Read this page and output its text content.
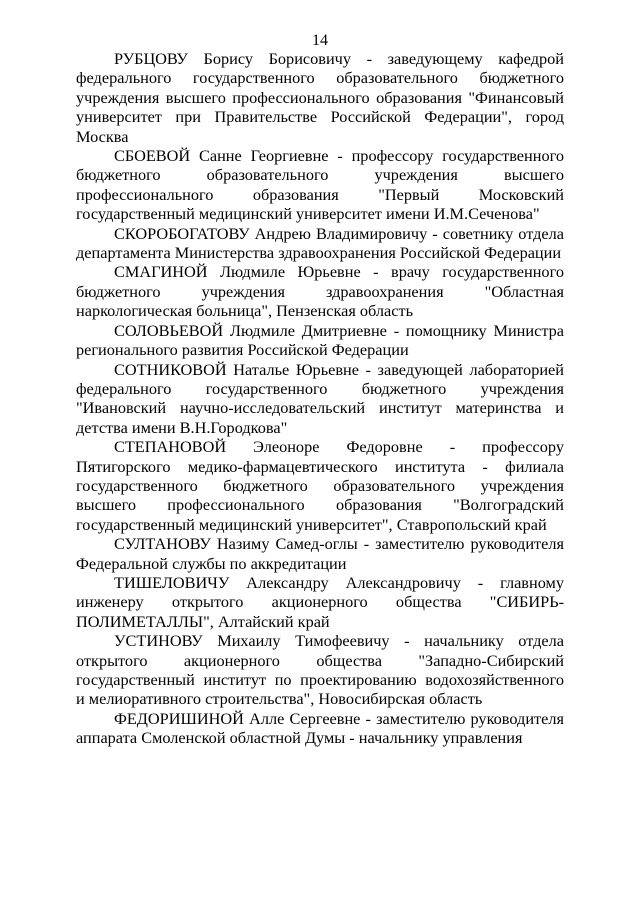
14

РУБЦОВУ Борису Борисовичу - заведующему кафедрой
федерального государственного образовательного бюджетного
учреждения высшего профессионального образования "Финансовый
университет при Правительстве Российской Федерации", город
Москва

СБОЕВОЙ Санне Георгиевне - профессору государственного
бюджетного образовательного учреждения высшего
профессионального образования "Первый Московский
государственный медицинский университет имени И.М.Сеченова"

СКОРОБОГАТОВУ Андрею Владимировичу - советнику отдела
департамента Министерства здравоохранения Российской Федерации

СМАГИНОЙ Людмиле Юрьевне - врачу государственного
бюджетного учреждения здравоохранения "Областная
наркологическая больница", Пензенская область

СОЛОВЬЕВОЙ Людмиле Дмитриевне - помощнику Министра
регионального развития Российской Федерации

СОТНИКОВОЙ Наталье Юрьевне - заведующей лабораторией
федерального государственного бюджетного учреждения
"Ивановский научно-исследовательский институт материнства и
детства имени В.Н.Городкова"

СТЕПАНОВОЙ Элеоноре Федоровне - профессору
Пятигорского медико-фармацевтического института - филиала
государственного бюджетного образовательного учреждения
высшего профессионального образования "Волгоградский
государственный медицинский университет", Ставропольский край

СУЛТАНОВУ Назиму Самед-оглы - заместителю руководителя
Федеральной службы по аккредитации

ТИШЕЛОВИЧУ Александру Александровичу - главному
инженеру открытого акционерного общества "СИБИРЬ-
ПОЛИМЕТАЛЛЫ", Алтайский край

УСТИНОВУ Михаилу Тимофеевичу - начальнику отдела
открытого акционерного общества "Западно-Сибирский
государственный институт по проектированию водохозяйственного
и мелиоративного строительства", Новосибирская область

ФЕДОРИШИНОЙ Алле Сергеевне - заместителю руководителя
аппарата Смоленской областной Думы - начальнику управления
